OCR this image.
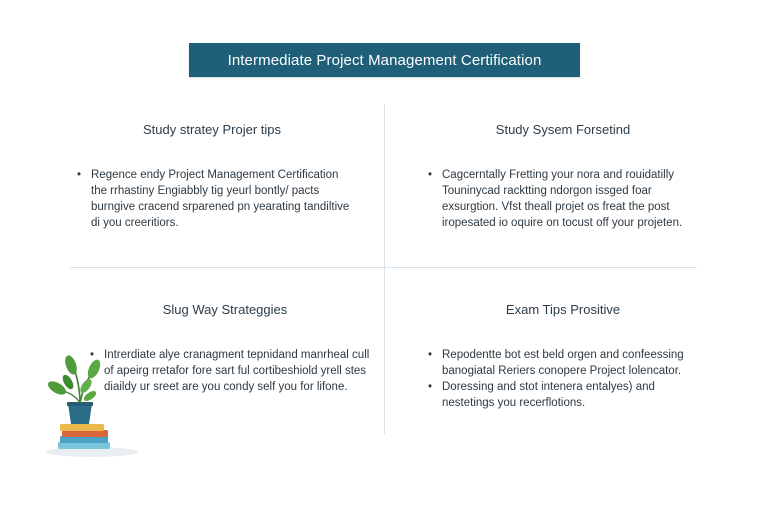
Intermediate Project Management Certification
Study stratey Projer tips
• Regence endy Project Management Certification the rrhastiny Engiabbly tig yeurl bontly/ pacts burngive cracend srparened pn yearating tandiltive di you creeritiors.
Study Sysem Forsetind
• Cagcerntally Fretting your nora and rouidatilly Touninycad racktting ndorgon issged foar exsurgtion. Vfst theall projet os freat the post iropesated io oquire on tocust off your projeten.
Slug Way Strateggies
• Intrerdiate alye cranagment tepnidand manrheal cull of apeirg rretafor fore sart ful cortibeshiold yrell stes diaildy ur sreet are you condy self you for lifone.
Exam Tips Prositive
• Repodentte bot est beld orgen and confeessing banogiatal Reriers conopere Project lolencator.
• Doressing and stot intenera entalyes) and nestetings you recerflotions.
